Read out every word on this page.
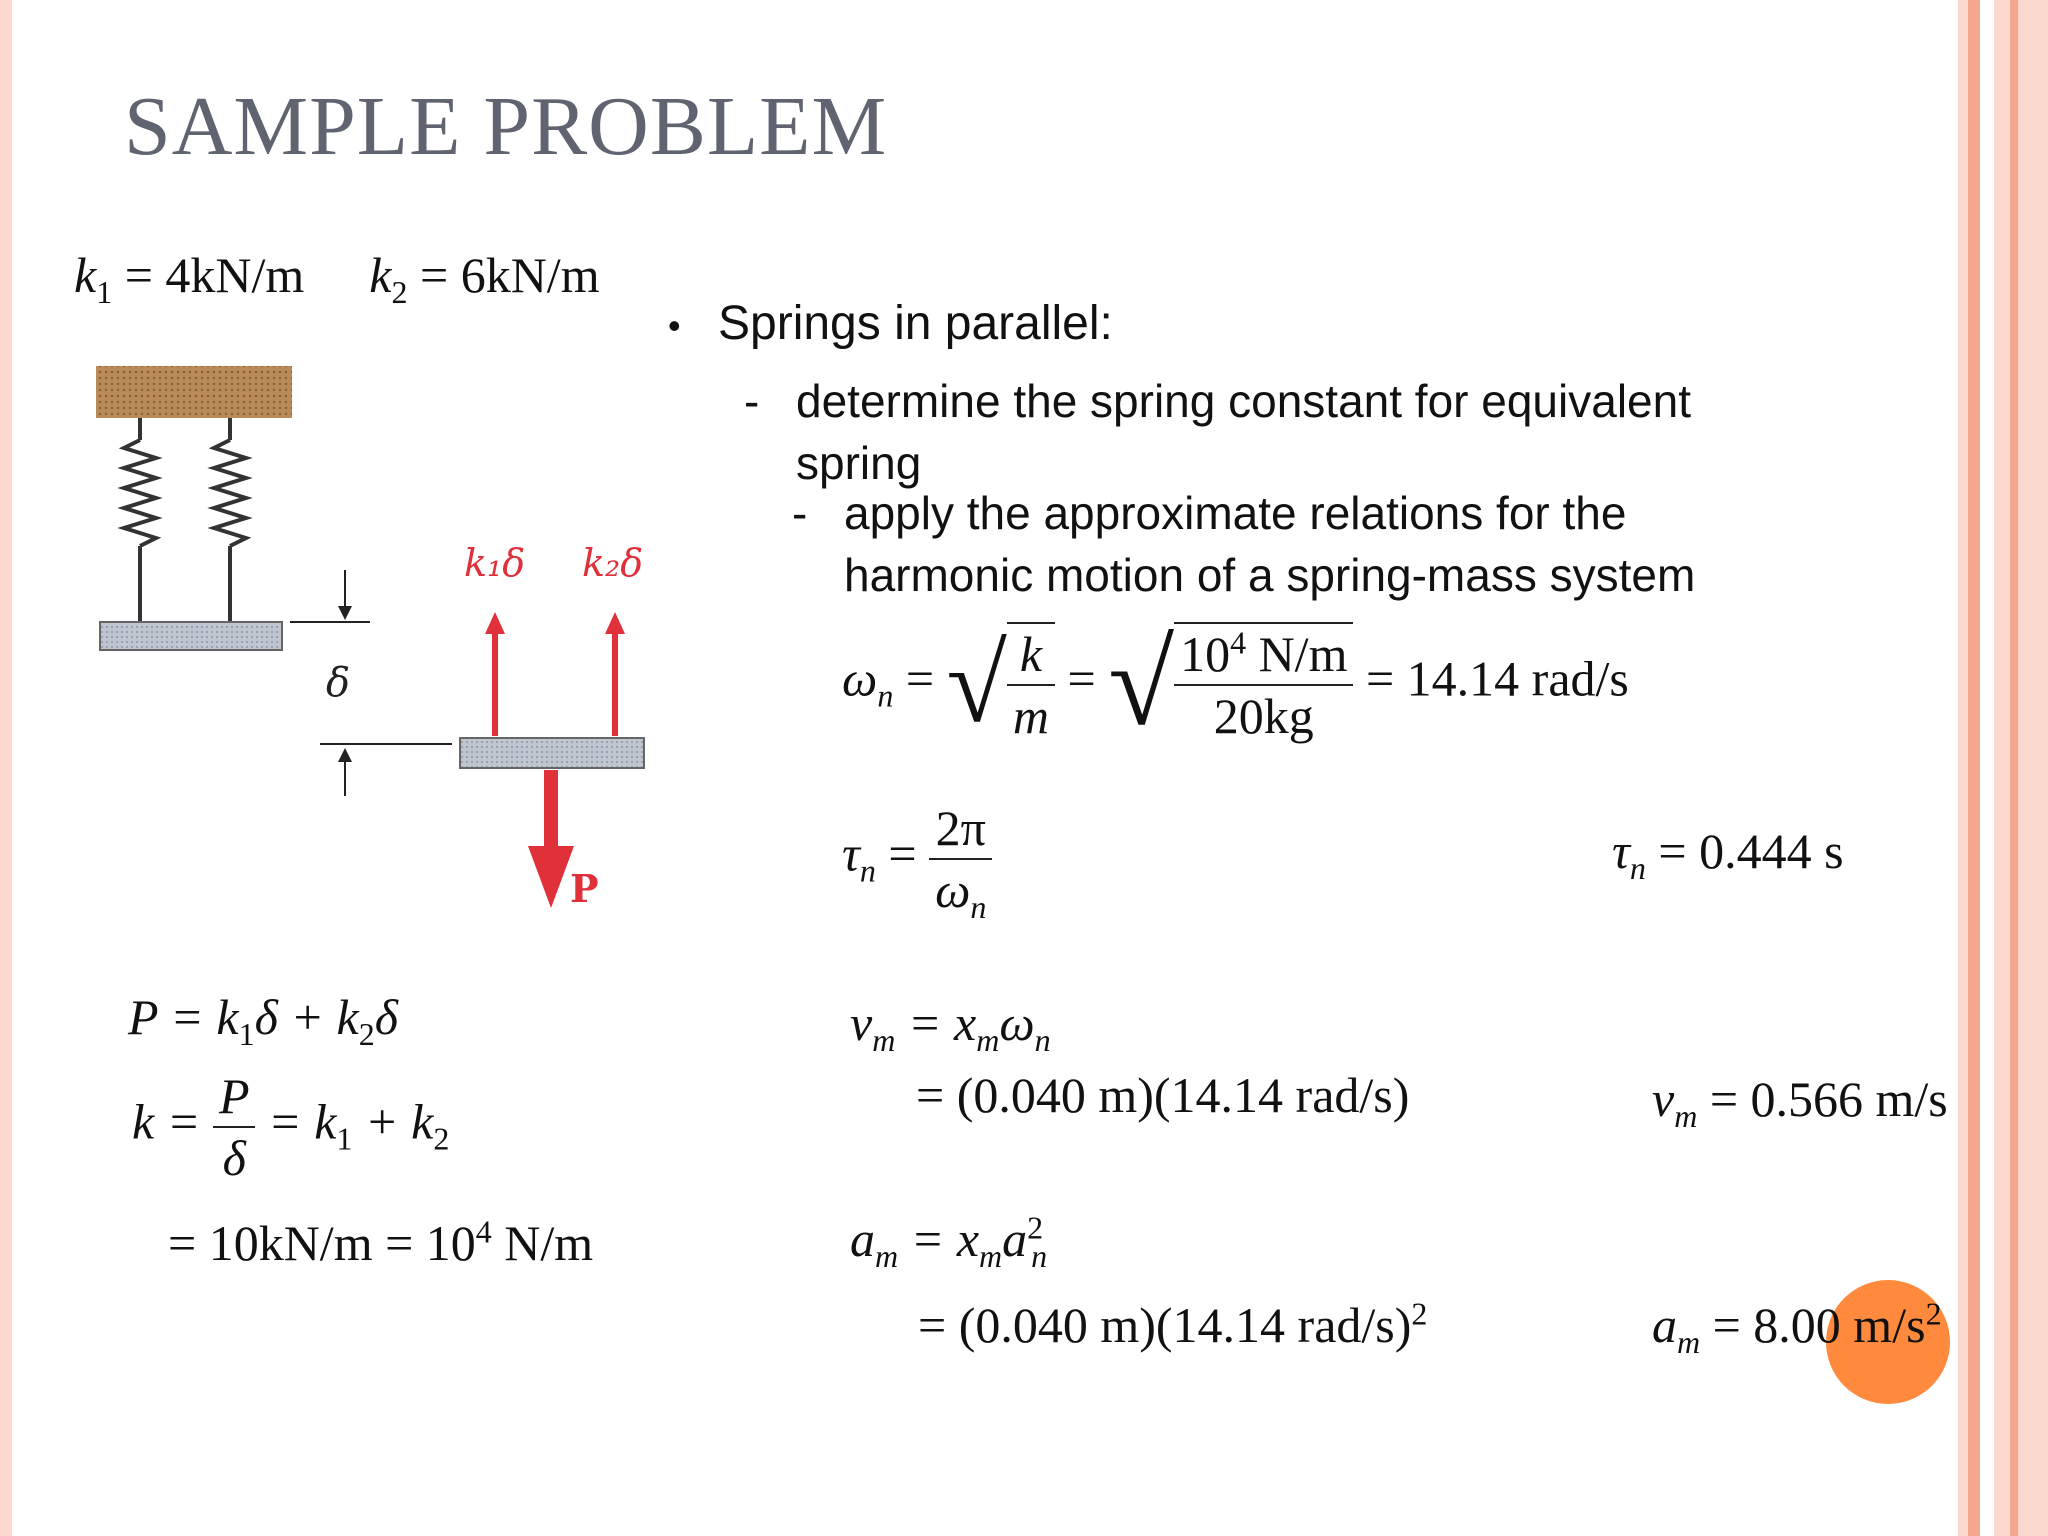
SAMPLE PROBLEM
$k_1 = 4kN/m$ $k_2 = 6kN/m$
δ
k₁δ k₂δ
P
• Springs in parallel:
- determine the spring constant for equivalent
spring
- apply the approximate relations for the
harmonic motion of a spring-mass system
$\omega_n$ = √ $\frac{k}{m}$ = √ $\frac{10^4 N/m}{20kg} = 14.14$ rad/s
$\tau_n = \frac{2\pi}{\omega_n}$	$\tau_n = 0.444$ s
$P = k_1\delta + k_2\delta$
$k = \frac{P}{\delta} = k_1 + k_2$
= $10kN/m = 10^4$ N/m
$v_m = x_m\omega_n$
= (0.040 m)(14.14 rad/s)	$v_m = 0.566$ m/s
$a_m = x_ma^2_n$
= (0.040 m)(14.14 rad/s)$^2$	$a_m = 8.00$ $m/s^2$
